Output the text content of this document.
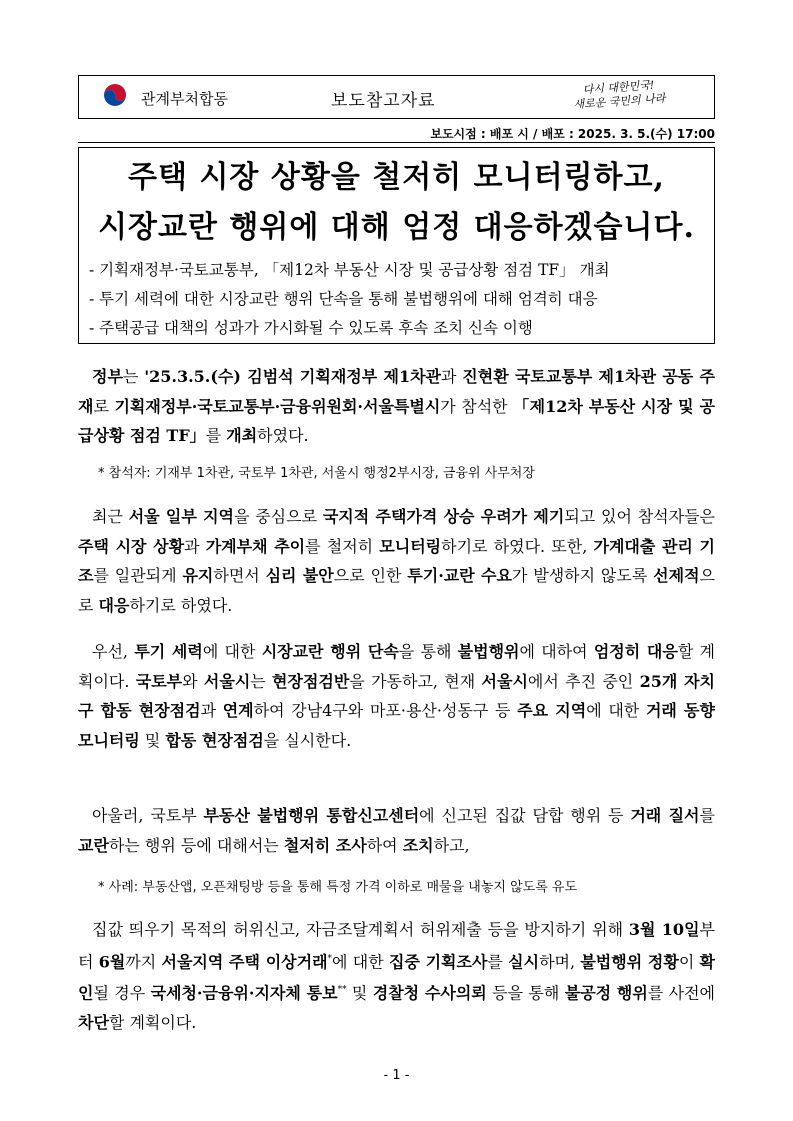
관계부처합동	보도참고자료
다시 대한민국!
새로운 국민의 나라
보도시점 : 배포 시 / 배포 : 2025. 3. 5.(수) 17:00
주택 시장 상황을 철저히 모니터링하고,
시장교란 행위에 대해 엄정 대응하겠습니다.
- 기획재정부·국토교통부, 「제12차 부동산 시장 및 공급상황 점검 TF」 개최
- 투기 세력에 대한 시장교란 행위 단속을 통해 불법행위에 대해 엄격히 대응
- 주택공급 대책의 성과가 가시화될 수 있도록 후속 조치 신속 이행
정부는 '25.3.5.(수) 김범석 기획재정부 제1차관과 진현환 국토교통부 제1차관 공동 주재로 기획재정부·국토교통부·금융위원회·서울특별시가 참석한 「제12차 부동산 시장 및 공급상황 점검 TF」를 개최하였다.
* 참석자: 기재부 1차관, 국토부 1차관, 서울시 행정2부시장, 금융위 사무처장
최근 서울 일부 지역을 중심으로 국지적 주택가격 상승 우려가 제기되고 있어 참석자들은 주택 시장 상황과 가계부채 추이를 철저히 모니터링하기로 하였다. 또한, 가계대출 관리 기조를 일관되게 유지하면서 심리 불안으로 인한 투기·교란 수요가 발생하지 않도록 선제적으로 대응하기로 하였다.
우선, 투기 세력에 대한 시장교란 행위 단속을 통해 불법행위에 대하여 엄정히 대응할 계획이다. 국토부와 서울시는 현장점검반을 가동하고, 현재 서울시에서 추진 중인 25개 자치구 합동 현장점검과 연계하여 강남4구와 마포·용산·성동구 등 주요 지역에 대한 거래 동향 모니터링 및 합동 현장점검을 실시한다.
아울러, 국토부 부동산 불법행위 통합신고센터에 신고된 집값 담합 행위 등 거래 질서를 교란하는 행위 등에 대해서는 철저히 조사하여 조치하고,
* 사례: 부동산앱, 오픈채팅방 등을 통해 특정 가격 이하로 매물을 내놓지 않도록 유도
집값 띄우기 목적의 허위신고, 자금조달계획서 허위제출 등을 방지하기 위해 3월 10일부터 6월까지 서울지역 주택 이상거래*에 대한 집중 기획조사를 실시하며, 불법행위 정황이 확인될 경우 국세청·금융위·지자체 통보** 및 경찰청 수사의뢰 등을 통해 불공정 행위를 사전에 차단할 계획이다.
- 1 -
